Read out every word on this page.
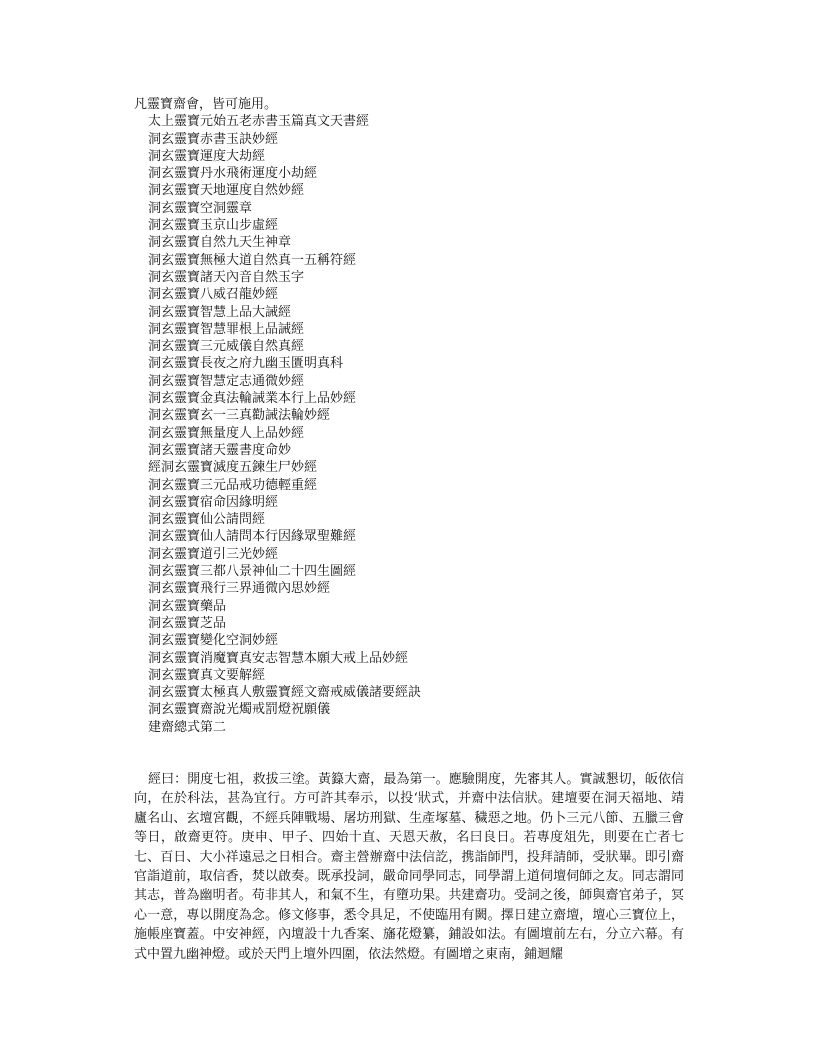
凡靈寶齋會，皆可施用。
太上靈寶元始五老赤書玉篇真文天書經
洞玄靈寶赤書玉訣妙經
洞玄靈寶運度大劫經
洞玄靈寶丹水飛術運度小劫經
洞玄靈寶天地運度自然妙經
洞玄靈寶空洞靈章
洞玄靈寶玉京山步虛經
洞玄靈寶自然九天生神章
洞玄靈寶無極大道自然真一五稱符經
洞玄靈寶諸天內音自然玉字
洞玄靈寶八威召龍妙經
洞玄靈寶智慧上品大誡經
洞玄靈寶智慧罪根上品誡經
洞玄靈寶三元威儀自然真經
洞玄靈寶長夜之府九幽玉匱明真科
洞玄靈寶智慧定志通微妙經
洞玄靈寶金真法輪誡業本行上品妙經
洞玄靈寶玄一三真勸誡法輪妙經
洞玄靈寶無量度人上品妙經
洞玄靈寶諸天靈書度命妙
經洞玄靈寶滅度五鍊生尸妙經
洞玄靈寶三元品戒功德輕重經
洞玄靈寶宿命因緣明經
洞玄靈寶仙公請問經
洞玄靈寶仙人請問本行因緣眾聖難經
洞玄靈寶道引三光妙經
洞玄靈寶三都八景神仙二十四生圖經
洞玄靈寶飛行三界通微內思妙經
洞玄靈寶藥品
洞玄靈寶芝品
洞玄靈寶變化空洞妙經
洞玄靈寶消魔寶真安志智慧本願大戒上品妙經
洞玄靈寶真文要解經
洞玄靈寶太極真人敷靈寶經文齋戒威儀諸要經訣
洞玄靈寶齋說光燭戒罰燈祝願儀
建齋總式第二
經曰：開度七祖，救拔三塗。黃籙大齋，最為第一。應驗開度，先審其人。實誠懇切，皈依信向，在於科法，甚為宜行。方可許其奉示，以投‘狀式，并齋中法信狀。建壇要在洞天福地、靖廬名山、玄壇宮觀，不經兵陣戰場、屠坊刑獄、生產塚墓、穢惡之地。仍卜三元八節、五臘三會等日，啟齋更符。庚申、甲子、四始十直、天恩天赦，名曰良日。若專度俎先，則要在亡者七七、百日、大小祥遠忌之日相合。齋主營辦齋中法信訖，携詣師門，投拜請師，受狀畢。即引齋官詣道前，取信香，焚以啟奏。既承投詞，嚴命同學同志，同學謂上道伺壇伺師之友。同志謂同其志，普為幽明者。苟非其人，和氣不生，有墮功果。共建齋功。受詞之後，師與齋官弟子，冥心一意，專以開度為念。修文修事，悉令具足，不使臨用有闕。擇日建立齋壇，壇心三寶位上，施帳座寶蓋。中安神經，內壇設十九香案、旛花燈纂，鋪設如法。有圖壇前左右，分立六幕。有式中置九幽神燈。或於天門上壇外四圍，依法然燈。有圖增之東南，鋪迴耀
